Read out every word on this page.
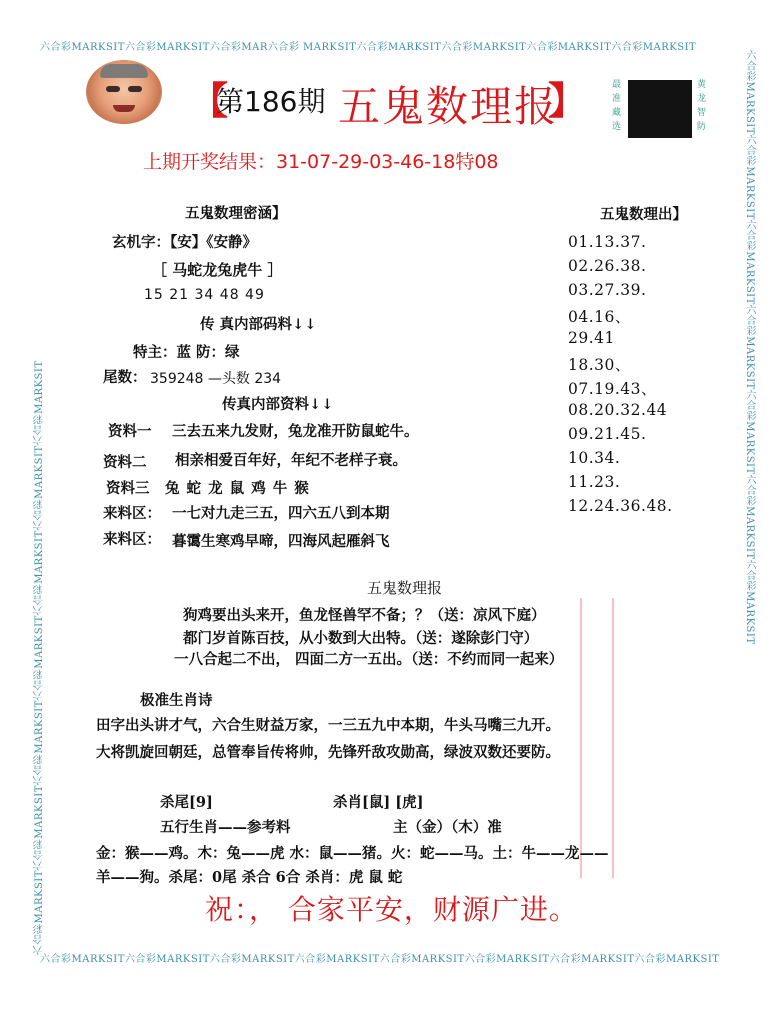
六合彩MARKSIT六合彩MARKSIT六合彩MAR六合彩 MARKSIT六合彩MARKSIT六合彩MARKSIT六合彩MARKSIT六合彩MARKSIT
六合彩MARKSIT六合彩MARKSIT六合彩MARKSIT六合彩MARKSIT六合彩MARKSIT六合彩MARKSIT六合彩MARKSIT六合彩MARKSIT
六合彩MARKSIT六合彩MARKSIT六合彩MARKSIT六合彩MARKSIT六合彩MARKSIT六合彩MARKSIT六合彩MARKSIT
六合彩MARKSIT六合彩MARKSIT六合彩MARKSIT六合彩MARKSIT六合彩MARKSIT六合彩MARKSIT六合彩MARKSIT
【
第186期 五鬼数理报
】	最准藏选
黄龙智防
上期开奖结果：31-07-29-03-46-18特08
五鬼数理密涵】
玄机字：【安】《安静》
［ 马蛇龙兔虎牛 ］
15 21 34 48 49
传 真内部码料↓↓
特主：蓝 防：绿
尾数： 359248 —头数 234
传真内部资料↓↓
资料一 三去五来九发财，兔龙准开防鼠蛇牛。
资料二 相亲相爱百年好，年纪不老样子衰。
资料三 兔 蛇 龙 鼠 鸡 牛 猴
来料区： 一七对九走三五，四六五八到本期
来料区： 暮霭生寒鸡早啼，四海风起雁斜飞
五鬼数理出】
01.13.37.
02.26.38.
03.27.39.
04.16、
29.41
18.30、
07.19.43、
08.20.32.44
09.21.45.
10.34.
11.23.
12.24.36.48.
五鬼数理报
狗鸡要出头来开，鱼龙怪兽罕不备；？（送：凉风下庭）
都门岁首陈百技，从小数到大出特。（送：遂除彭门守）
一八合起二不出， 四面二方一五出。（送：不约而同一起来）
极准生肖诗
田字出头讲才气，六合生财益万家，一三五九中本期，牛头马嘴三九开。
大将凯旋回朝廷，总管奉旨传将帅，先锋歼敌攻勋高，绿波双数还要防。
杀尾[9]	杀肖[鼠] [虎]
五行生肖——参考料	主（金）（木）准
金：猴——鸡。木：兔——虎 水：鼠——猪。火：蛇——马。土：牛——龙——
羊——狗。杀尾：0尾 杀合 6合 杀肖：虎 鼠 蛇
祝：， 合家平安，财源广进。
